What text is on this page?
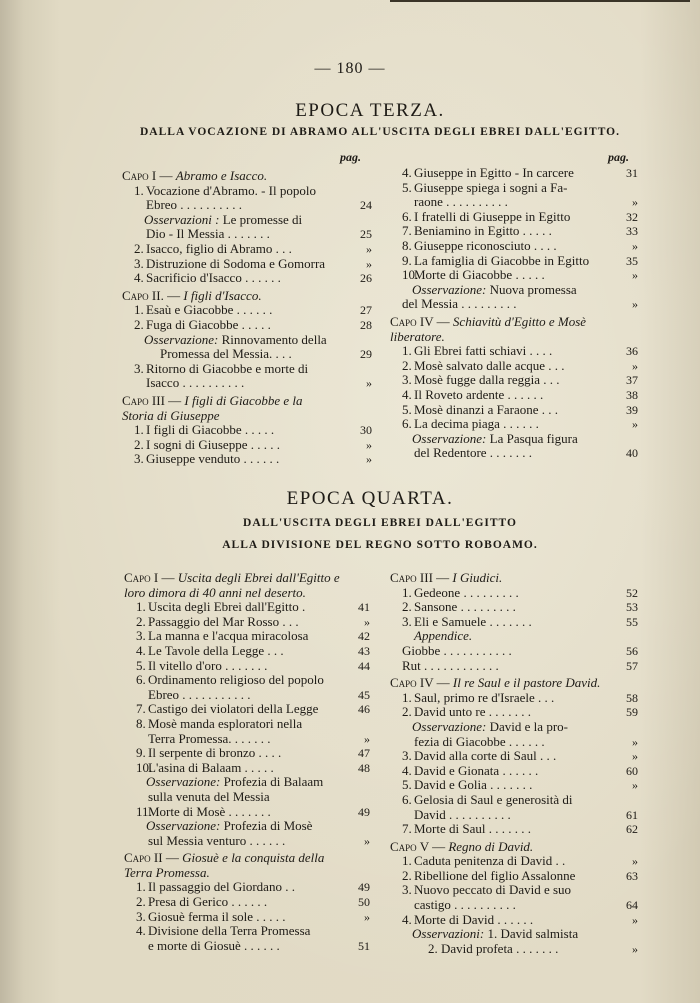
— 180 —
EPOCA TERZA.
DALLA VOCAZIONE DI ABRAMO ALL'USCITA DEGLI EBREI DALL'EGITTO.
pag.	pag.
Capo I — Abramo e Isacco.
1. Vocazione d'Abramo. - Il popolo
Ebreo . . . . . . . . . .	24
Osservazioni : Le promesse di
Dio - Il Messia . . . . . . .	25
2. Isacco, figlio di Abramo . . .	»
3. Distruzione di Sodoma e Gomorra	»
4. Sacrificio d'Isacco . . . . . .	26
Capo II. — I figli d'Isacco.
1. Esaù e Giacobbe . . . . . .	27
2. Fuga di Giacobbe . . . . .	28
Osservazione: Rinnovamento della
Promessa del Messia. . . .	29
3. Ritorno di Giacobbe e morte di
Isacco . . . . . . . . . .	»
Capo III — I figli di Giacobbe e la
Storia di Giuseppe
1. I figli di Giacobbe . . . . .	30
2. I sogni di Giuseppe . . . . .	»
3. Giuseppe venduto . . . . . .	»
4. Giuseppe in Egitto - In carcere	31
5. Giuseppe spiega i sogni a Fa-
raone . . . . . . . . . .	»
6. I fratelli di Giuseppe in Egitto	32
7. Beniamino in Egitto . . . . .	33
8. Giuseppe riconosciuto . . . .	»
9. La famiglia di Giacobbe in Egitto	35
10.Morte di Giacobbe . . . . .	»
Osservazione: Nuova promessa
del Messia . . . . . . . . .	»
Capo IV — Schiavitù d'Egitto e Mosè
liberatore.
1. Gli Ebrei fatti schiavi . . . .	36
2. Mosè salvato dalle acque . . .	»
3. Mosè fugge dalla reggia . . .	37
4. Il Roveto ardente . . . . . .	38
5. Mosè dinanzi a Faraone . . .	39
6. La decima piaga . . . . . .	»
Osservazione: La Pasqua figura
del Redentore . . . . . . .	40
EPOCA QUARTA.
DALL'USCITA DEGLI EBREI DALL'EGITTO
ALLA DIVISIONE DEL REGNO SOTTO ROBOAMO.
Capo I — Uscita degli Ebrei dall'Egitto e
loro dimora di 40 anni nel deserto.
1. Uscita degli Ebrei dall'Egitto .	41
2. Passaggio del Mar Rosso . . .	»
3. La manna e l'acqua miracolosa	42
4. Le Tavole della Legge . . .	43
5. Il vitello d'oro . . . . . . .	44
6. Ordinamento religioso del popolo
Ebreo . . . . . . . . . . .	45
7. Castigo dei violatori della Legge	46
8. Mosè manda esploratori nella
Terra Promessa. . . . . . .	»
9. Il serpente di bronzo . . . .	47
10.L'asina di Balaam . . . . .	48
Osservazione: Profezia di Balaam
sulla venuta del Messia
11.Morte di Mosè . . . . . . .	49
Osservazione: Profezia di Mosè
sul Messia venturo . . . . . .	»
Capo II — Giosuè e la conquista della
Terra Promessa.
1. Il passaggio del Giordano . .	49
2. Presa di Gerico . . . . . .	50
3. Giosuè ferma il sole . . . . .	»
4. Divisione della Terra Promessa
e morte di Giosuè . . . . . .	51
Capo III — I Giudici.
1. Gedeone . . . . . . . . .	52
2. Sansone . . . . . . . . .	53
3. Eli e Samuele . . . . . . .	55
Appendice.
Giobbe . . . . . . . . . . .	56
Rut . . . . . . . . . . . .	57
Capo IV — Il re Saul e il pastore David.
1. Saul, primo re d'Israele . . .	58
2. David unto re . . . . . . .	59
Osservazione: David e la pro-
fezia di Giacobbe . . . . . .	»
3. David alla corte di Saul . . .	»
4. David e Gionata . . . . . .	60
5. David e Golia . . . . . . .	»
6. Gelosia di Saul e generosità di
David . . . . . . . . . .	61
7. Morte di Saul . . . . . . .	62
Capo V — Regno di David.
1. Caduta penitenza di David . .	»
2. Ribellione del figlio Assalonne	63
3. Nuovo peccato di David e suo
castigo . . . . . . . . . .	64
4. Morte di David . . . . . .	»
Osservazioni: 1. David salmista
2. David profeta . . . . . . .	»
